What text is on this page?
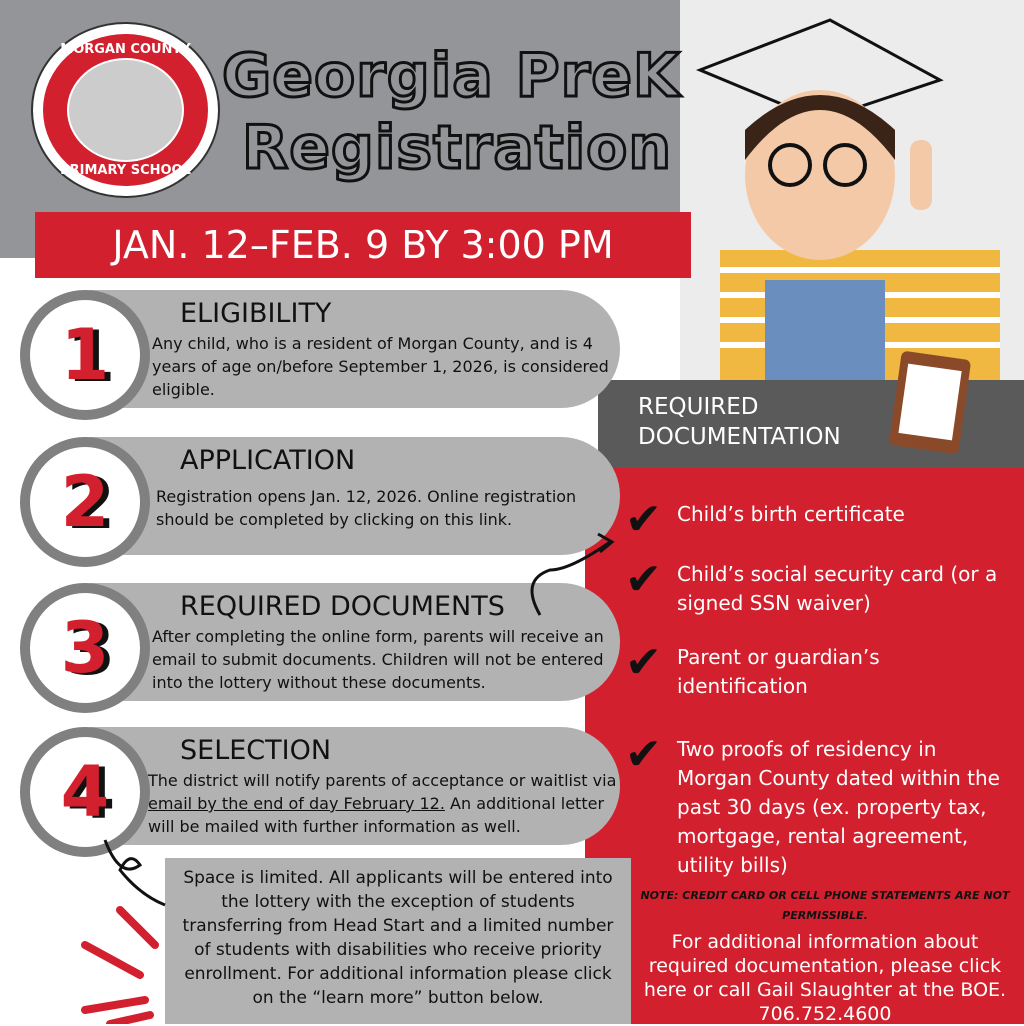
MORGAN COUNTY
PRIMARY SCHOOL
Georgia PreK
Registration
JAN. 12–FEB. 9 BY 3:00 PM
REQUIRED DOCUMENTATION
1
ELIGIBILITY
Any child, who is a resident of Morgan County, and is 4 years of age on/before September 1, 2026, is considered eligible.
2
APPLICATION
Registration opens Jan. 12, 2026. Online registration should be completed by clicking on this link.
3
REQUIRED DOCUMENTS
After completing the online form, parents will receive an email to submit documents. Children will not be entered into the lottery without these documents.
4
SELECTION
The district will notify parents of acceptance or waitlist via email by the end of day February 12. An additional letter will be mailed with further information as well.
✔ Child’s birth certificate
✔ Child’s social security card (or a signed SSN waiver)
✔ Parent or guardian’s identification
✔ Two proofs of residency in Morgan County dated within the past 30 days (ex. property tax, mortgage, rental agreement, utility bills)
NOTE: CREDIT CARD OR CELL PHONE STATEMENTS ARE NOT PERMISSIBLE.
For additional information about required documentation, please click here or call Gail Slaughter at the BOE.
706.752.4600
Space is limited. All applicants will be entered into the lottery with the exception of students transferring from Head Start and a limited number of students with disabilities who receive priority enrollment. For additional information please click on the “learn more” button below.
